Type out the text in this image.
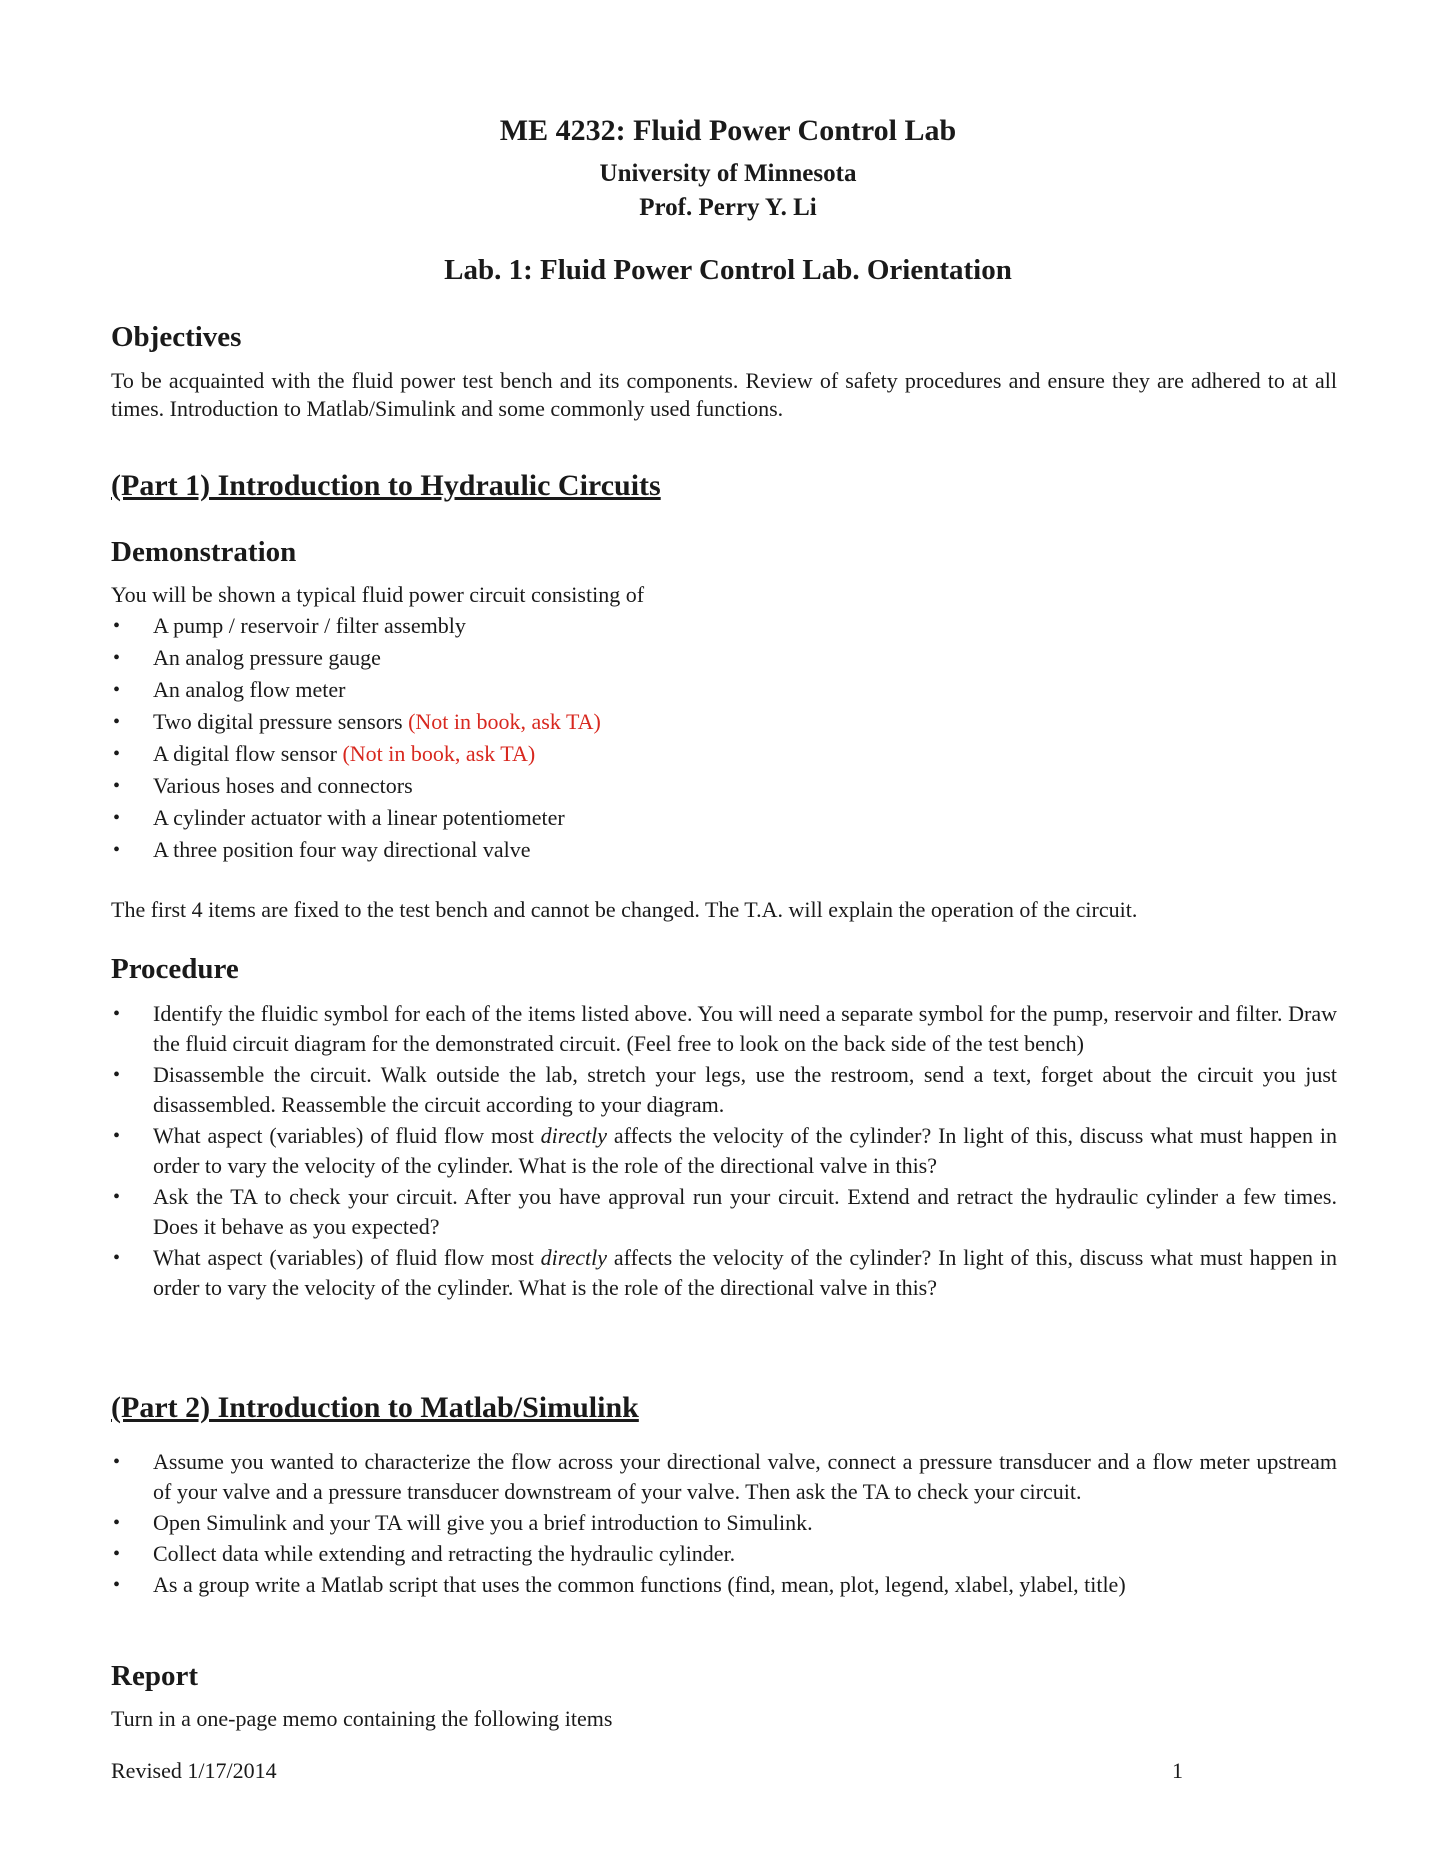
ME 4232: Fluid Power Control Lab
University of Minnesota
Prof. Perry Y. Li
Lab. 1: Fluid Power Control Lab. Orientation
Objectives

To be acquainted with the fluid power test bench and its components. Review of safety procedures and ensure they are adhered to at all times. Introduction to Matlab/Simulink and some commonly used functions.

(Part 1) Introduction to Hydraulic Circuits
Demonstration

You will be shown a typical fluid power circuit consisting of

• A pump / reservoir / filter assembly
• An analog pressure gauge
• An analog flow meter
• Two digital pressure sensors (Not in book, ask TA)
• A digital flow sensor (Not in book, ask TA)
• Various hoses and connectors
• A cylinder actuator with a linear potentiometer
• A three position four way directional valve

The first 4 items are fixed to the test bench and cannot be changed. The T.A. will explain the operation of the circuit.

Procedure
• Identify the fluidic symbol for each of the items listed above. You will need a separate symbol for the pump, reservoir and filter. Draw the fluid circuit diagram for the demonstrated circuit. (Feel free to look on the back side of the test bench)
• Disassemble the circuit. Walk outside the lab, stretch your legs, use the restroom, send a text, forget about the circuit you just disassembled. Reassemble the circuit according to your diagram.
• What aspect (variables) of fluid flow most directly affects the velocity of the cylinder? In light of this, discuss what must happen in order to vary the velocity of the cylinder. What is the role of the directional valve in this?
• Ask the TA to check your circuit. After you have approval run your circuit. Extend and retract the hydraulic cylinder a few times. Does it behave as you expected?
• What aspect (variables) of fluid flow most directly affects the velocity of the cylinder? In light of this, discuss what must happen in order to vary the velocity of the cylinder. What is the role of the directional valve in this?
(Part 2) Introduction to Matlab/Simulink
• Assume you wanted to characterize the flow across your directional valve, connect a pressure transducer and a flow meter upstream of your valve and a pressure transducer downstream of your valve. Then ask the TA to check your circuit.
• Open Simulink and your TA will give you a brief introduction to Simulink.
• Collect data while extending and retracting the hydraulic cylinder.
• As a group write a Matlab script that uses the common functions (find, mean, plot, legend, xlabel, ylabel, title)
Report

Turn in a one-page memo containing the following items

Revised 1/17/2014	1
